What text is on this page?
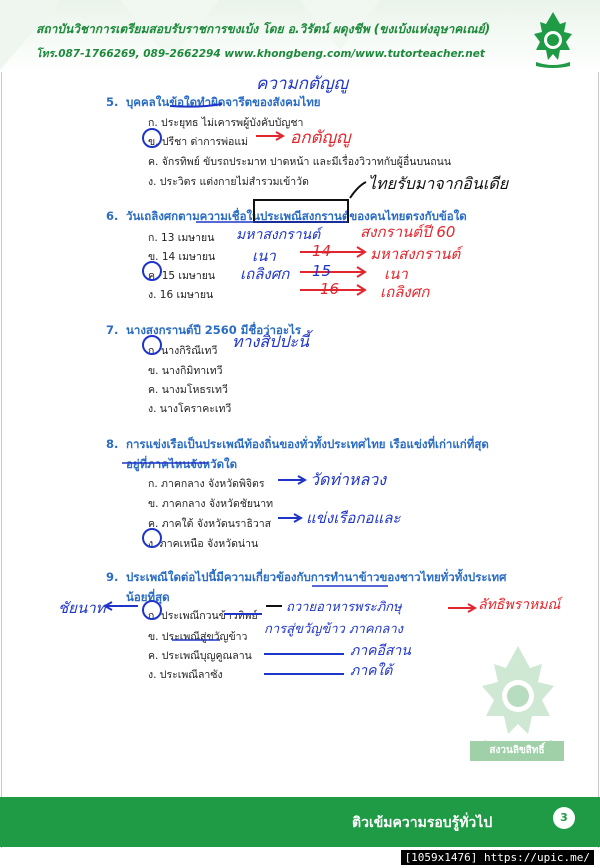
สถาบันวิชาการเตรียมสอบรับราชการขงเบ้ง โดย อ.วิรัตน์ ผดุงชีพ (ขงเบ้งแห่งอุษาคเณย์)
โทร.087-1766269, 089-2662294 www.khongbeng.com/www.tutorteacher.net
5. บุคคลในข้อใดทำผิดจารีตของสังคมไทย
ก. ประยุทธ ไม่เคารพผู้บังคับบัญชา
ข. ปรีชา ด่าการพ่อแม่
ค. จักรทิพย์ ขับรถประมาท ปาดหน้า และมีเรื่องวิวาทกับผู้อื่นบนถนน
ง. ประวิตร แต่งกายไม่สำรวมเข้าวัด
6. วันเถลิงศกตามความเชื่อในประเพณีสงกรานต์ของคนไทยตรงกับข้อใด
ก. 13 เมษายน
ข. 14 เมษายน
ค. 15 เมษายน
ง. 16 เมษายน
7. นางสงกรานต์ปี 2560 มีชื่อว่าอะไร
ก. นางกิริณีเทวี
ข. นางกิมิทาเทวี
ค. นางมโหธรเทวี
ง. นางโคราคะเทวี
8. การแข่งเรือเป็นประเพณีท้องถิ่นของทั่วทั้งประเทศไทย เรือแข่งที่เก่าแก่ที่สุด
อยู่ที่ภาคไหนจังหวัดใด
ก. ภาคกลาง จังหวัดพิจิตร
ข. ภาคกลาง จังหวัดชัยนาท
ค. ภาคใต้ จังหวัดนราธิวาส
ง. ภาคเหนือ จังหวัดน่าน
9. ประเพณีใดต่อไปนี้มีความเกี่ยวข้องกับการทำนาข้าวของชาวไทยทั่วทั้งประเทศ
น้อยที่สุด
ก. ประเพณีกวนข้าวทิพย์
ข. ประเพณีสู่ขวัญข้าว
ค. ประเพณีบุญคูณลาน
ง. ประเพณีลาซัง
ความกตัญญู
อกตัญญู
ไทยรับมาจากอินเดีย
มหาสงกรานต์	สงกรานต์ปี 60
เนา 14	มหาสงกรานต์
เถลิงศก 15	เนา
16	เถลิงศก
ทางสิปปะนี้
วัดท่าหลวง
แข่งเรือกอและ
ชัยนาท	ถวายอาหารพระภิกษุ	ลัทธิพราหมณ์
การสู่ขวัญข้าว ภาคกลาง
ภาคอีสาน
ภาคใต้
สงวนลิขสิทธิ์
ติวเข้มความรอบรู้ทั่วไป	3
[1059x1476] https://upic.me/
